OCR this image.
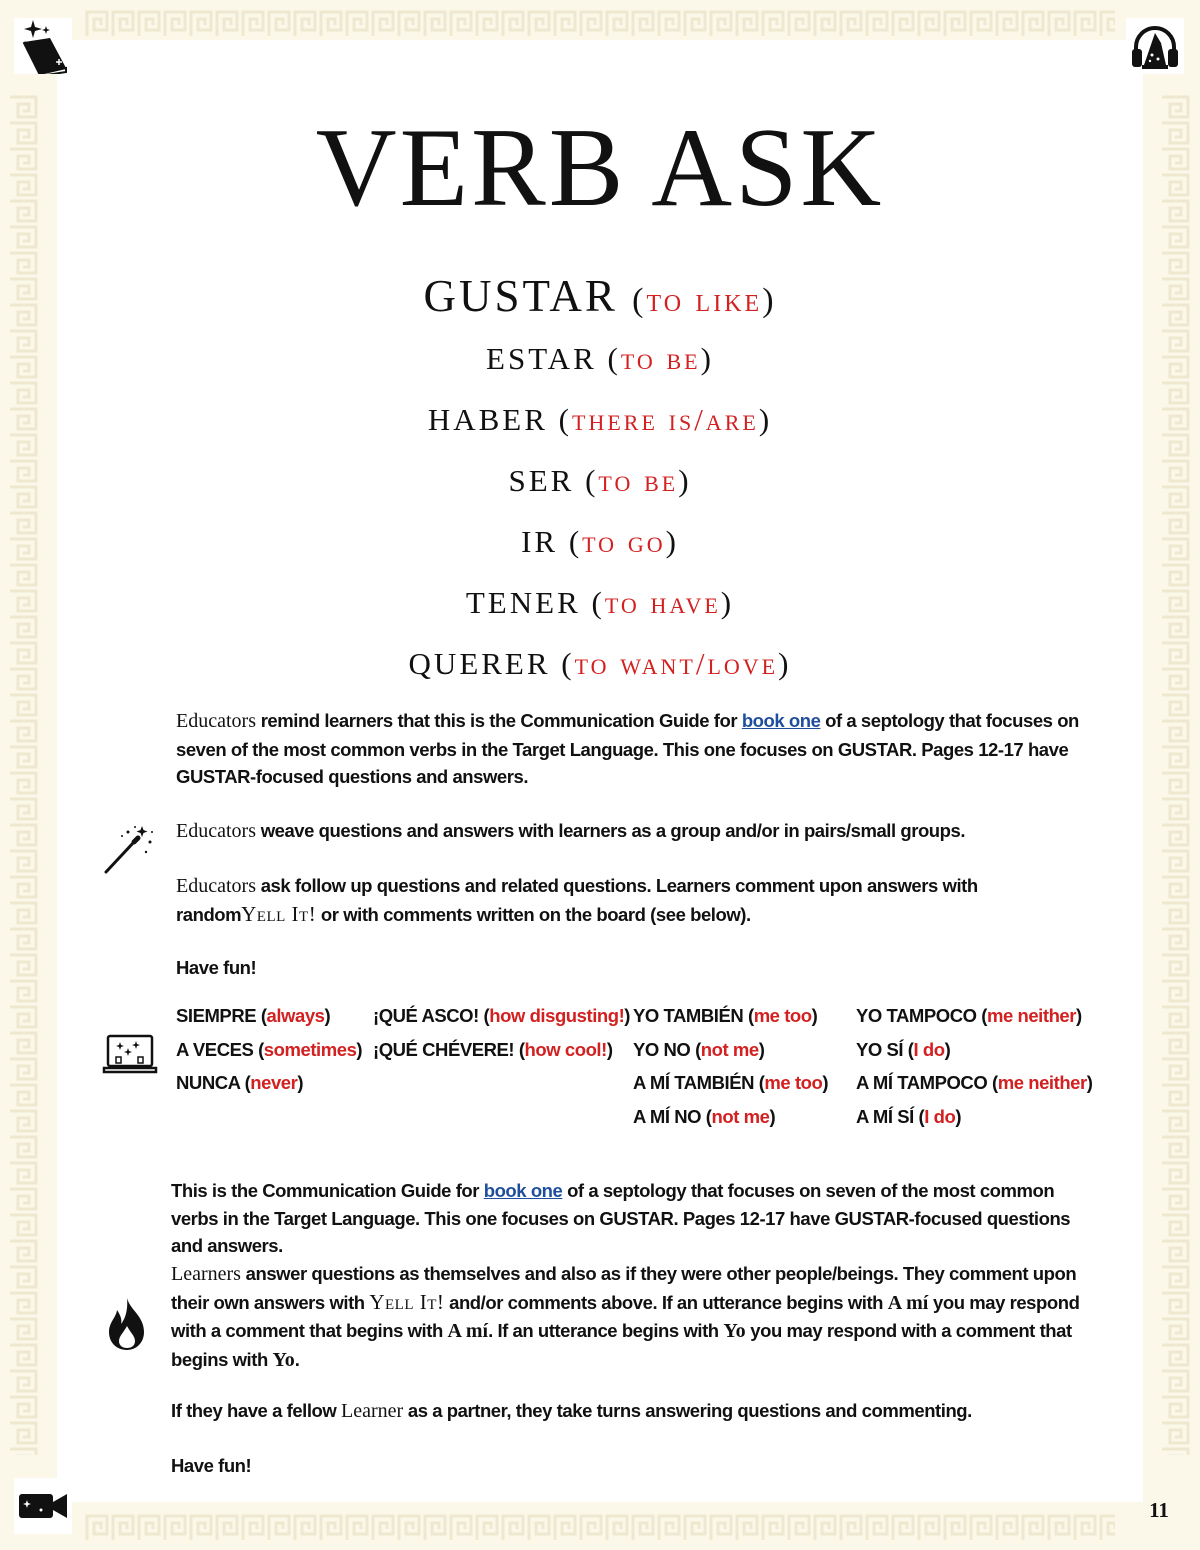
VERB ASK
GUSTAR (to like)
ESTAR (to be)
HABER (there is/are)
SER (to be)
IR (to go)
TENER (to have)
QUERER (to want/love)
Educators remind learners that this is the Communication Guide for book one of a septology that focuses on seven of the most common verbs in the Target Language. This one focuses on GUSTAR. Pages 12-17 have GUSTAR-focused questions and answers.
Educators weave questions and answers with learners as a group and/or in pairs/small groups.
Educators ask follow up questions and related questions. Learners comment upon answers with randomYell It! or with comments written on the board (see below).
Have fun!
SIEMPRE (always)
A VECES (sometimes)
NUNCA (never)
¡QUÉ ASCO! (how disgusting!)
¡QUÉ CHÉVERE! (how cool!)
YO TAMBIÉN (me too)
YO NO (not me)
A MÍ TAMBIÉN (me too)
A MÍ NO (not me)
YO TAMPOCO (me neither)
YO SÍ (I do)
A MÍ TAMPOCO (me neither)
A MÍ SÍ (I do)
This is the Communication Guide for book one of a septology that focuses on seven of the most common verbs in the Target Language. This one focuses on GUSTAR. Pages 12-17 have GUSTAR-focused questions and answers.
Learners answer questions as themselves and also as if they were other people/beings. They comment upon their own answers with Yell It! and/or comments above. If an utterance begins with A mí you may respond with a comment that begins with A mí. If an utterance begins with Yo you may respond with a comment that begins with Yo.
If they have a fellow Learner as a partner, they take turns answering questions and commenting.
Have fun!
11
